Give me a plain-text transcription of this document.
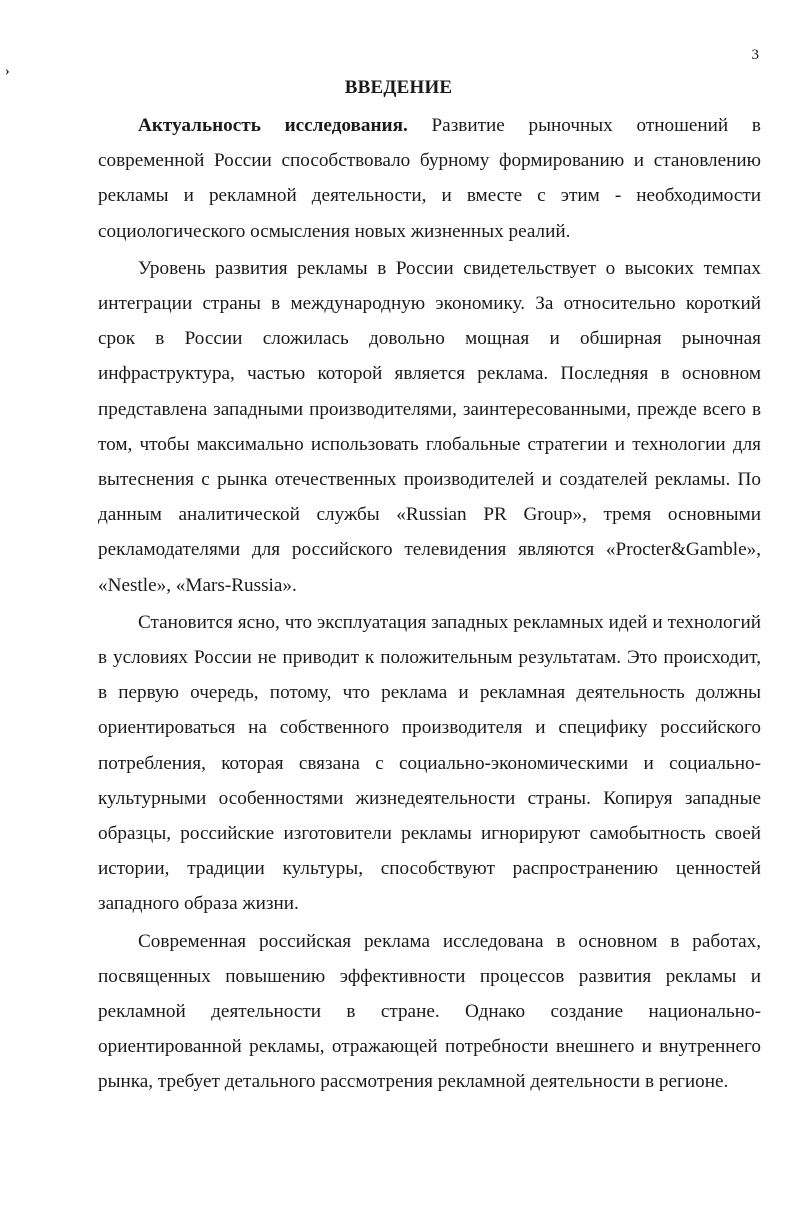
›
3
ВВЕДЕНИЕ

Актуальность исследования. Развитие рыночных отношений в современной России способствовало бурному формированию и становлению рекламы и рекламной деятельности, и вместе с этим - необходимости социологического осмысления новых жизненных реалий.

Уровень развития рекламы в России свидетельствует о высоких темпах интеграции страны в международную экономику. За относительно короткий срок в России сложилась довольно мощная и обширная рыночная инфраструктура, частью которой является реклама. Последняя в основном представлена западными производителями, заинтересованными, прежде всего в том, чтобы максимально использовать глобальные стратегии и технологии для вытеснения с рынка отечественных производителей и создателей рекламы. По данным аналитической службы «Russian PR Group», тремя основными рекламодателями для российского телевидения являются «Procter&Gamble», «Nestle», «Mars-Russia».

Становится ясно, что эксплуатация западных рекламных идей и технологий в условиях России не приводит к положительным результатам. Это происходит, в первую очередь, потому, что реклама и рекламная деятельность должны ориентироваться на собственного производителя и специфику российского потребления, которая связана с социально-экономическими и социально-культурными особенностями жизнедеятельности страны. Копируя западные образцы, российские изготовители рекламы игнорируют самобытность своей истории, традиции культуры, способствуют распространению ценностей западного образа жизни.

Современная российская реклама исследована в основном в работах, посвященных повышению эффективности процессов развития рекламы и рекламной деятельности в стране. Однако создание национально-ориентированной рекламы, отражающей потребности внешнего и внутреннего рынка, требует детального рассмотрения рекламной деятельности в регионе.
